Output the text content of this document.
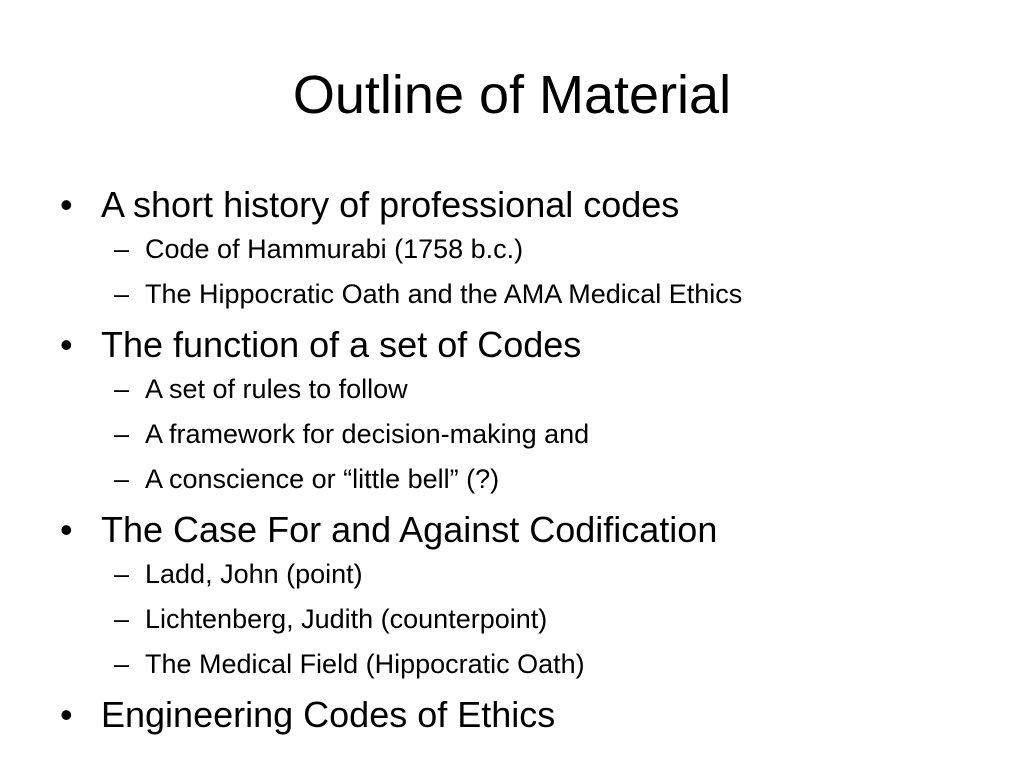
Outline of Material
• A short history of professional codes
– Code of Hammurabi (1758 b.c.)
– The Hippocratic Oath and the AMA Medical Ethics
• The function of a set of Codes
– A set of rules to follow
– A framework for decision-making and
– A conscience or “little bell” (?)
• The Case For and Against Codification
– Ladd, John (point)
– Lichtenberg, Judith (counterpoint)
– The Medical Field (Hippocratic Oath)
• Engineering Codes of Ethics
